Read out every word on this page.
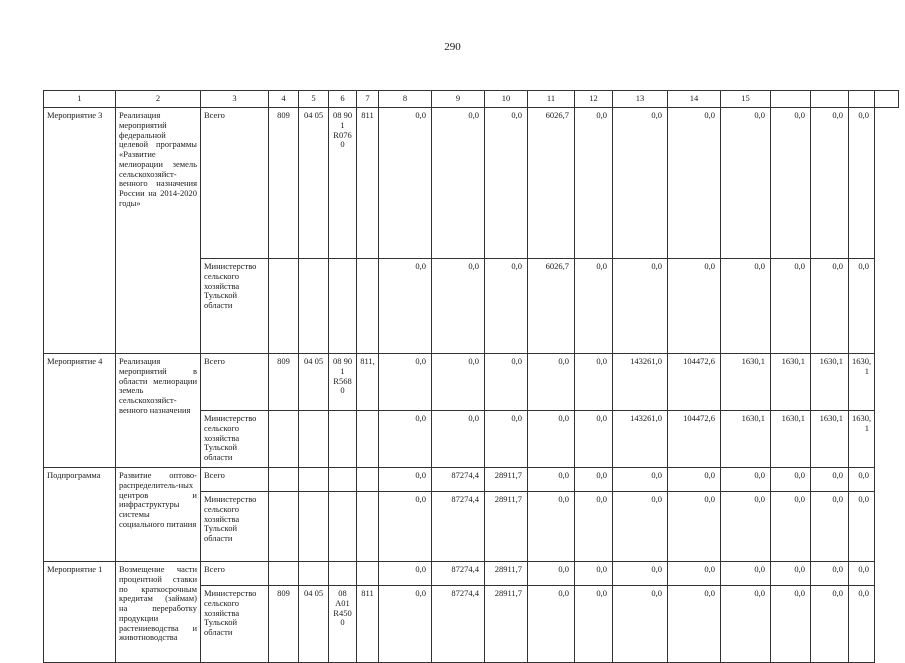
290
1	2	3	4	5	6	7	8	9	10	11	12	13	14	15				
Мероприятие 3	Реализация мероприятий федеральной целевой программы «Развитие мелиорации земель сельскохозяйст-венного назначения России на 2014-2020 годы»	Всего	809	04 05	08 90 1 R076 0	811	0,0	0,0	0,0	6026,7	0,0	0,0	0,0	0,0	0,0	0,0	0,0	
		Министерство сельского хозяйства Тульской области					0,0	0,0	0,0	6026,7	0,0	0,0	0,0	0,0	0,0	0,0	0,0	
Мероприятие 4	Реализация мероприятий в области мелиорации земель сельскохозяйст-венного назначения	Всего	809	04 05	08 90 1 R568 0	811,	0,0	0,0	0,0	0,0	0,0	143261,0	104472,6	1630,1	1630,1	1630,1	1630, 1	
		Министерство сельского хозяйства Тульской области					0,0	0,0	0,0	0,0	0,0	143261,0	104472,6	1630,1	1630,1	1630,1	1630, 1	
Подпрограмма	Развитие оптово-распределитель-ных центров и инфраструктуры системы социального питания	Всего					0,0	87274,4	28911,7	0,0	0,0	0,0	0,0	0,0	0,0	0,0	0,0	
		Министерство сельского хозяйства Тульской области					0,0	87274,4	28911,7	0,0	0,0	0,0	0,0	0,0	0,0	0,0	0,0	
Мероприятие 1	Возмещение части процентной ставки по краткосрочным кредитам (займам) на переработку продукции растениеводства и животноводства	Всего					0,0	87274,4	28911,7	0,0	0,0	0,0	0,0	0,0	0,0	0,0	0,0	
		Министерство сельского хозяйства Тульской области	809	04 05	08 А01 R450 0	811	0,0	87274,4	28911,7	0,0	0,0	0,0	0,0	0,0	0,0	0,0	0,0	
